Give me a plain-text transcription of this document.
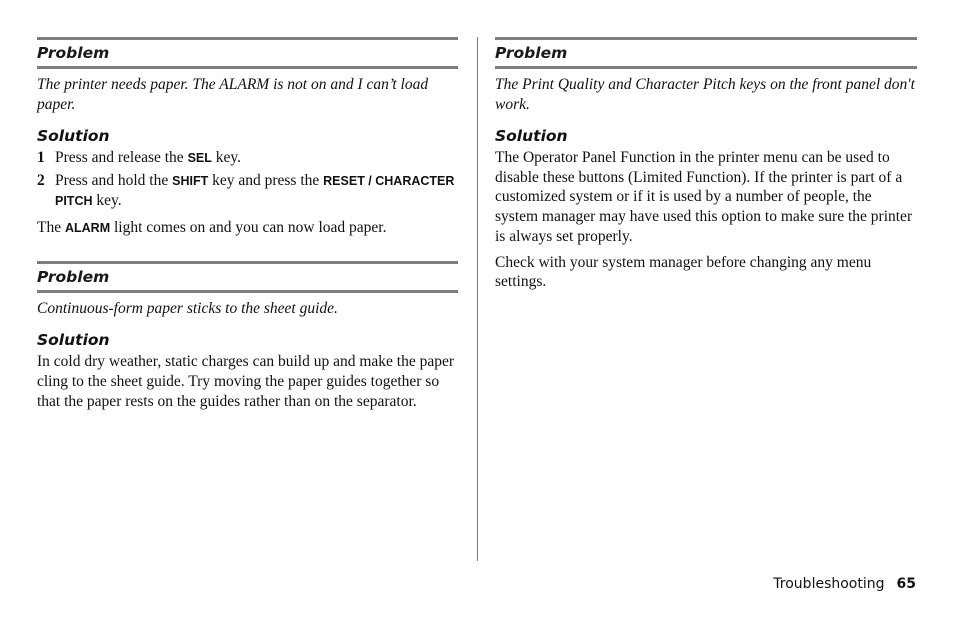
Problem
The printer needs paper. The ALARM is not on and I can’t load paper.
Solution
1 Press and release the SEL key.
2 Press and hold the SHIFT key and press the RESET / CHARACTER PITCH key.
The ALARM light comes on and you can now load paper.
Problem
Continuous-form paper sticks to the sheet guide.
Solution
In cold dry weather, static charges can build up and make the paper cling to the sheet guide. Try moving the paper guides together so that the paper rests on the guides rather than on the separator.
Problem
The Print Quality and Character Pitch keys on the front panel don't work.
Solution
The Operator Panel Function in the printer menu can be used to disable these buttons (Limited Function). If the printer is part of a customized system or if it is used by a number of people, the system manager may have used this option to make sure the printer is always set properly.
Check with your system manager before changing any menu settings.
Troubleshooting 65
